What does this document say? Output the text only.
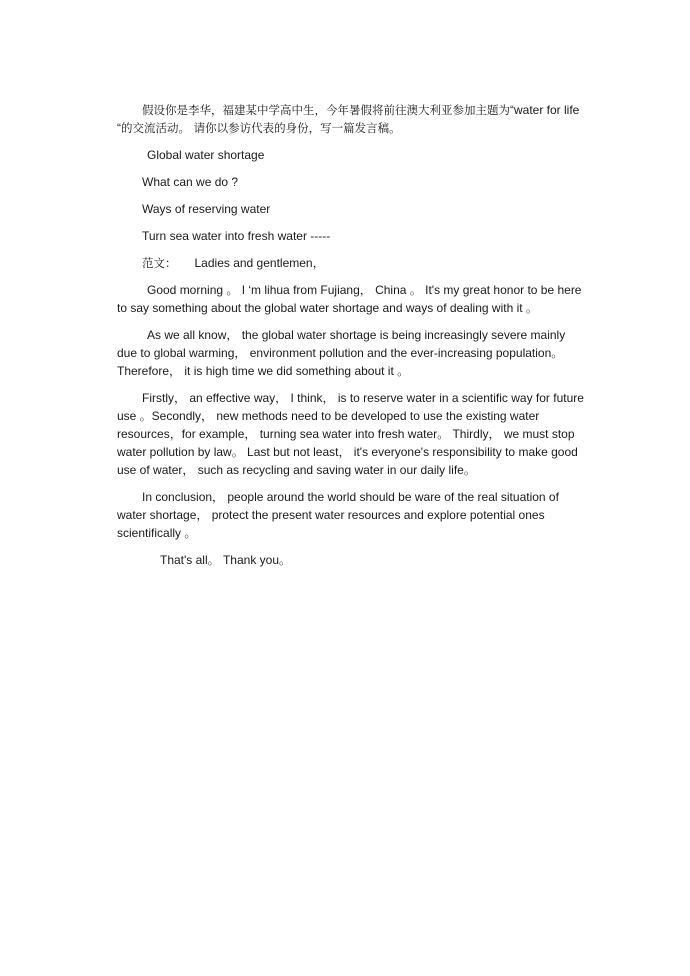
假设你是李华，福建某中学高中生，今年暑假将前往澳大利亚参加主题为“water for life “的交流活动。 请你以参访代表的身份，写一篇发言稿。

Global water shortage

What can we do ?

Ways of reserving water

Turn sea water into fresh water -----

范文： Ladies and gentlemen，

Good morning 。 I ‘m lihua from Fujiang， China 。 It's my great honor to be here to say something about the global water shortage and ways of dealing with it 。

As we all know， the global water shortage is being increasingly severe mainly due to global warming， environment pollution and the ever-increasing population。 Therefore， it is high time we did something about it 。

Firstly， an effective way， I think， is to reserve water in a scientific way for future use 。Secondly， new methods need to be developed to use the existing water resources，for example， turning sea water into fresh water。 Thirdly， we must stop water pollution by law。 Last but not least， it's everyone's responsibility to make good use of water， such as recycling and saving water in our daily life。

In conclusion， people around the world should be ware of the real situation of water shortage， protect the present water resources and explore potential ones scientifically 。

That's all。 Thank you。
